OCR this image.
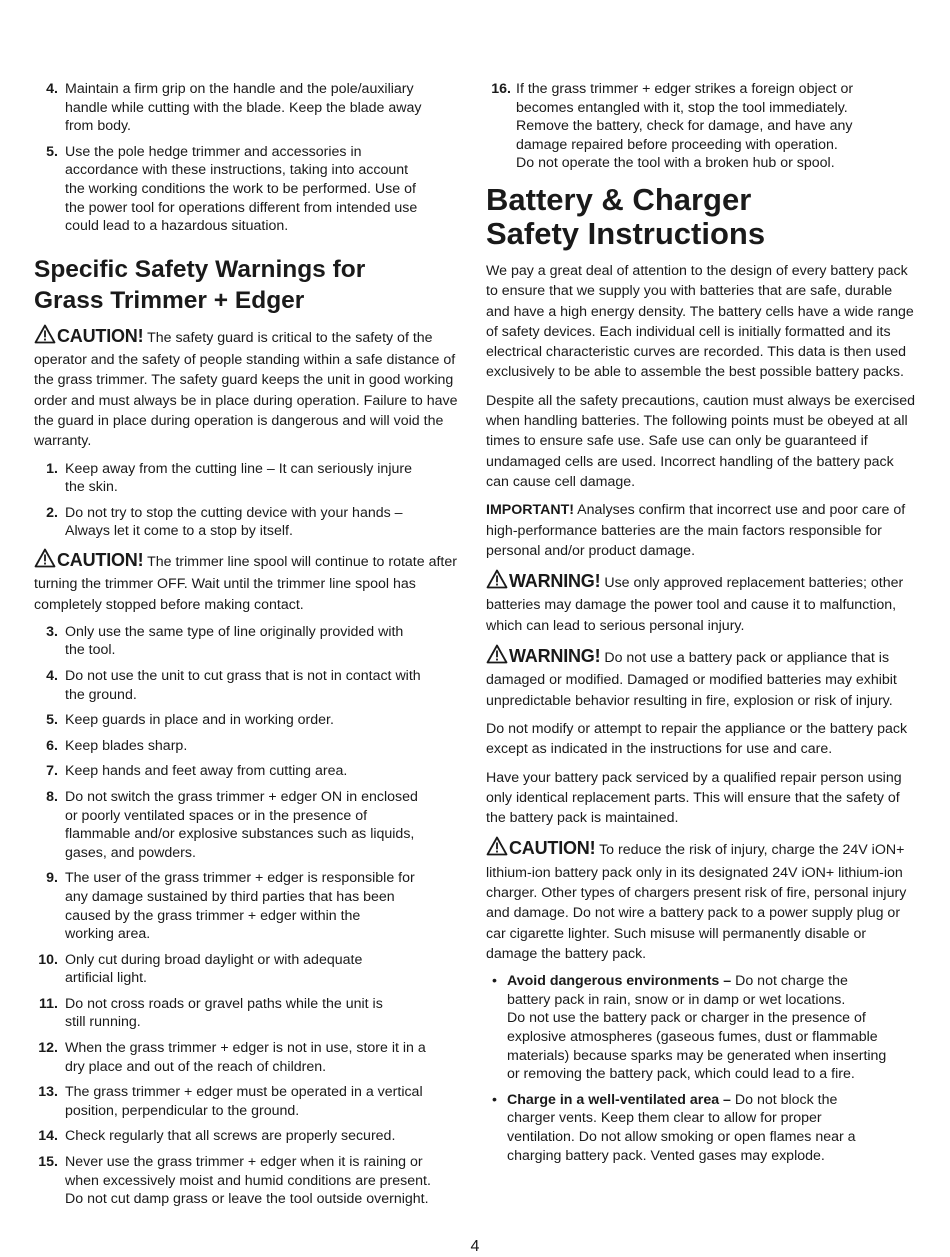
4. Maintain a firm grip on the handle and the pole/auxiliary
handle while cutting with the blade. Keep the blade away
from body.
5. Use the pole hedge trimmer and accessories in
accordance with these instructions, taking into account
the working conditions the work to be performed. Use of
the power tool for operations different from intended use
could lead to a hazardous situation.
Specific Safety Warnings for
Grass Trimmer + Edger

CAUTION! The safety guard is critical to the safety of the operator and the safety of people standing within a safe distance of the grass trimmer. The safety guard keeps the unit in good working order and must always be in place during operation. Failure to have the guard in place during operation is dangerous and will void the warranty.

1. Keep away from the cutting line – It can seriously injure
the skin.
2. Do not try to stop the cutting device with your hands –
Always let it come to a stop by itself.

CAUTION! The trimmer line spool will continue to rotate after turning the trimmer OFF. Wait until the trimmer line spool has completely stopped before making contact.

3. Only use the same type of line originally provided with
the tool.
4. Do not use the unit to cut grass that is not in contact with
the ground.
5. Keep guards in place and in working order.
6. Keep blades sharp.
7. Keep hands and feet away from cutting area.
8. Do not switch the grass trimmer + edger ON in enclosed
or poorly ventilated spaces or in the presence of
flammable and/or explosive substances such as liquids,
gases, and powders.
9. The user of the grass trimmer + edger is responsible for
any damage sustained by third parties that has been
caused by the grass trimmer + edger within the
working area.
10. Only cut during broad daylight or with adequate
artificial light.
11. Do not cross roads or gravel paths while the unit is
still running.
12. When the grass trimmer + edger is not in use, store it in a
dry place and out of the reach of children.
13. The grass trimmer + edger must be operated in a vertical
position, perpendicular to the ground.
14. Check regularly that all screws are properly secured.
15. Never use the grass trimmer + edger when it is raining or
when excessively moist and humid conditions are present.
Do not cut damp grass or leave the tool outside overnight.
16. If the grass trimmer + edger strikes a foreign object or
becomes entangled with it, stop the tool immediately.
Remove the battery, check for damage, and have any
damage repaired before proceeding with operation.
Do not operate the tool with a broken hub or spool.
Battery & Charger
Safety Instructions

We pay a great deal of attention to the design of every battery pack to ensure that we supply you with batteries that are safe, durable and have a high energy density. The battery cells have a wide range of safety devices. Each individual cell is initially formatted and its electrical characteristic curves are recorded. This data is then used exclusively to be able to assemble the best possible battery packs.

Despite all the safety precautions, caution must always be exercised when handling batteries. The following points must be obeyed at all times to ensure safe use. Safe use can only be guaranteed if undamaged cells are used. Incorrect handling of the battery pack can cause cell damage.

IMPORTANT! Analyses confirm that incorrect use and poor care of high-performance batteries are the main factors responsible for personal and/or product damage.

WARNING! Use only approved replacement batteries; other batteries may damage the power tool and cause it to malfunction, which can lead to serious personal injury.

WARNING! Do not use a battery pack or appliance that is damaged or modified. Damaged or modified batteries may exhibit unpredictable behavior resulting in fire, explosion or risk of injury.

Do not modify or attempt to repair the appliance or the battery pack except as indicated in the instructions for use and care.

Have your battery pack serviced by a qualified repair person using only identical replacement parts. This will ensure that the safety of the battery pack is maintained.

CAUTION! To reduce the risk of injury, charge the 24V iON+ lithium-ion battery pack only in its designated 24V iON+ lithium-ion charger. Other types of chargers present risk of fire, personal injury and damage. Do not wire a battery pack to a power supply plug or car cigarette lighter. Such misuse will permanently disable or damage the battery pack.

• Avoid dangerous environments – Do not charge the
battery pack in rain, snow or in damp or wet locations.
Do not use the battery pack or charger in the presence of
explosive atmospheres (gaseous fumes, dust or flammable
materials) because sparks may be generated when inserting
or removing the battery pack, which could lead to a fire.
• Charge in a well-ventilated area – Do not block the
charger vents. Keep them clear to allow for proper
ventilation. Do not allow smoking or open flames near a
charging battery pack. Vented gases may explode.
4
